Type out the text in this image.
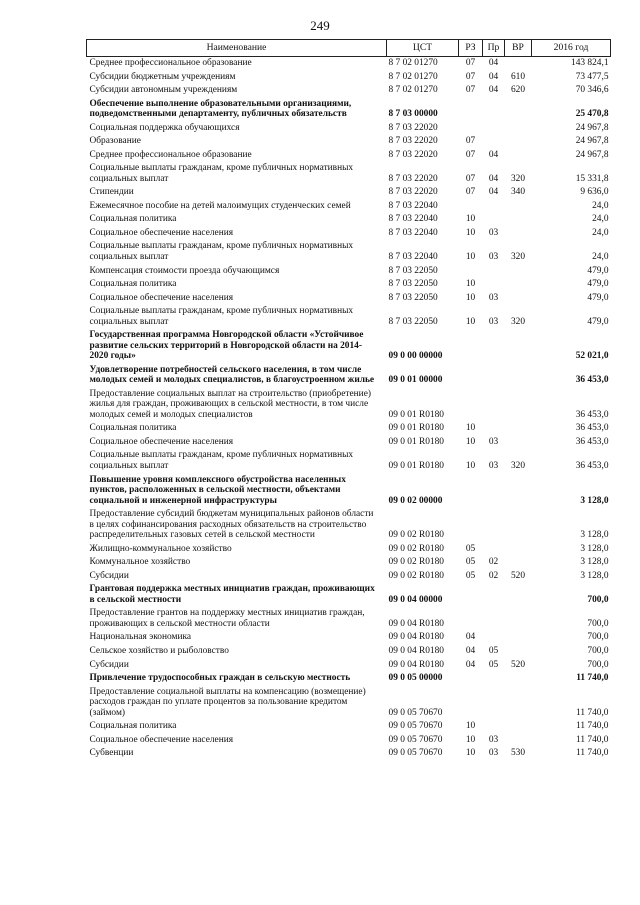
249
Наименование	ЦСТ	РЗ	Пр	ВР	2016 год
Среднее профессиональное образование	8 7 02 01270	07	04		143 824,1
Субсидии бюджетным учреждениям	8 7 02 01270	07	04	610	73 477,5
Субсидии автономным учреждениям	8 7 02 01270	07	04	620	70 346,6
Обеспечение выполнение образовательными организациями, подведомственными департаменту, публичных обязательств	8 7 03 00000				25 470,8
Социальная поддержка обучающихся	8 7 03 22020				24 967,8
Образование	8 7 03 22020	07			24 967,8
Среднее профессиональное образование	8 7 03 22020	07	04		24 967,8
Социальные выплаты гражданам, кроме публичных нормативных социальных выплат	8 7 03 22020	07	04	320	15 331,8
Стипендии	8 7 03 22020	07	04	340	9 636,0
Ежемесячное пособие на детей малоимущих студенческих семей	8 7 03 22040				24,0
Социальная политика	8 7 03 22040	10			24,0
Социальное обеспечение населения	8 7 03 22040	10	03		24,0
Социальные выплаты гражданам, кроме публичных нормативных социальных выплат	8 7 03 22040	10	03	320	24,0
Компенсация стоимости проезда обучающимся	8 7 03 22050				479,0
Социальная политика	8 7 03 22050	10			479,0
Социальное обеспечение населения	8 7 03 22050	10	03		479,0
Социальные выплаты гражданам, кроме публичных нормативных социальных выплат	8 7 03 22050	10	03	320	479,0
Государственная программа Новгородской области «Устойчивое развитие сельских территорий в Новгородской области на 2014-2020 годы»	09 0 00 00000				52 021,0
Удовлетворение потребностей сельского населения, в том числе молодых семей и молодых специалистов, в благоустроенном жилье	09 0 01 00000				36 453,0
Предоставление социальных выплат на строительство (приобретение) жилья для граждан, проживающих в сельской местности, в том числе молодых семей и молодых специалистов	09 0 01 R0180				36 453,0
Социальная политика	09 0 01 R0180	10			36 453,0
Социальное обеспечение населения	09 0 01 R0180	10	03		36 453,0
Социальные выплаты гражданам, кроме публичных нормативных социальных выплат	09 0 01 R0180	10	03	320	36 453,0
Повышение уровня комплексного обустройства населенных пунктов, расположенных в сельской местности, объектами социальной и инженерной инфраструктуры	09 0 02 00000				3 128,0
Предоставление субсидий бюджетам муниципальных районов области в целях софинансирования расходных обязательств на строительство распределительных газовых сетей в сельской местности	09 0 02 R0180				3 128,0
Жилищно-коммунальное хозяйство	09 0 02 R0180	05			3 128,0
Коммунальное хозяйство	09 0 02 R0180	05	02		3 128,0
Субсидии	09 0 02 R0180	05	02	520	3 128,0
Грантовая поддержка местных инициатив граждан, проживающих в сельской местности	09 0 04 00000				700,0
Предоставление грантов на поддержку местных инициатив граждан, проживающих в сельской местности области	09 0 04 R0180				700,0
Национальная экономика	09 0 04 R0180	04			700,0
Сельское хозяйство и рыболовство	09 0 04 R0180	04	05		700,0
Субсидии	09 0 04 R0180	04	05	520	700,0
Привлечение трудоспособных граждан в сельскую местность	09 0 05 00000				11 740,0
Предоставление социальной выплаты на компенсацию (возмещение) расходов граждан по уплате процентов за пользование кредитом (займом)	09 0 05 70670				11 740,0
Социальная политика	09 0 05 70670	10			11 740,0
Социальное обеспечение населения	09 0 05 70670	10	03		11 740,0
Субвенции	09 0 05 70670	10	03	530	11 740,0
